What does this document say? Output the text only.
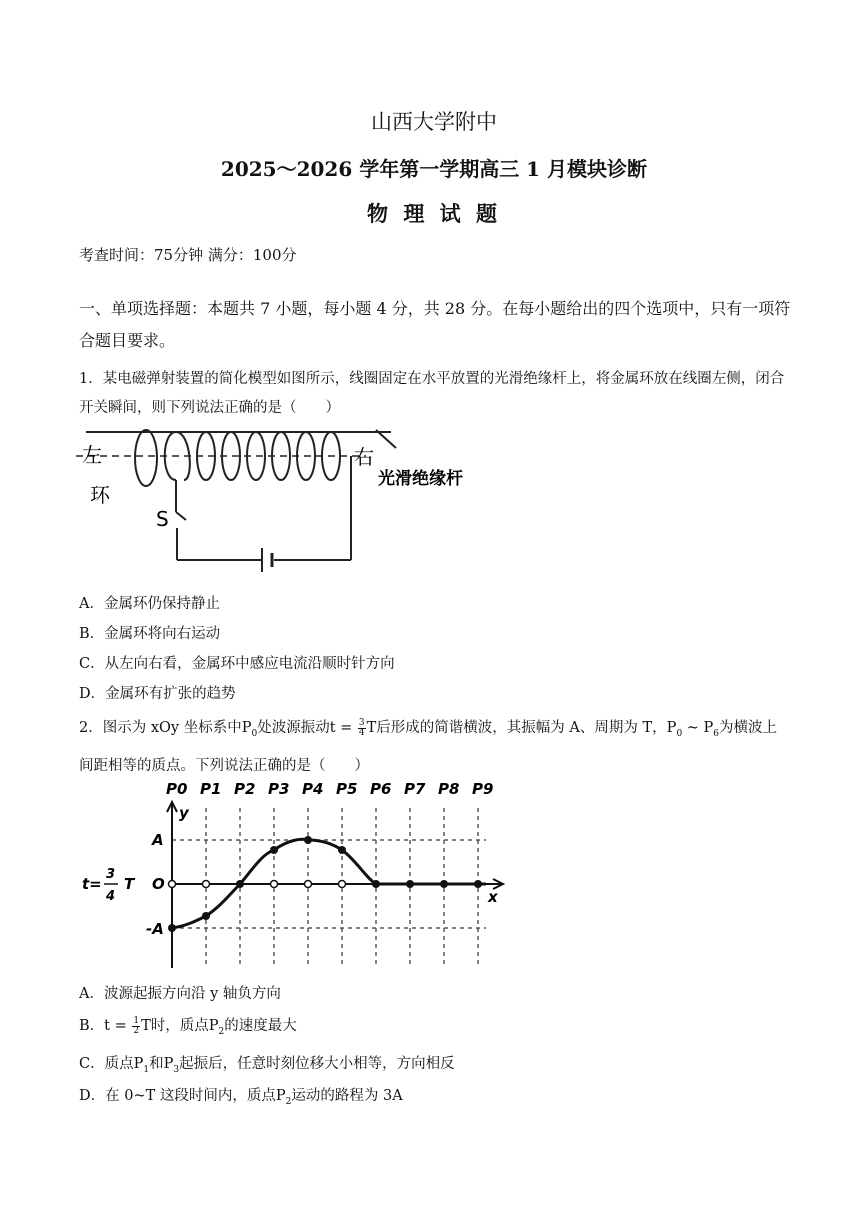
山西大学附中
2025～2026 学年第一学期高三 1 月模块诊断
物 理 试 题
考查时间：75分钟 满分：100分
一、单项选择题：本题共 7 小题，每小题 4 分，共 28 分。在每小题给出的四个选项中，只有一项符合题目要求。
1．某电磁弹射装置的简化模型如图所示，线圈固定在水平放置的光滑绝缘杆上，将金属环放在线圈左侧，闭合开关瞬间，则下列说法正确的是（　　）
左
环
S
右
光滑绝缘杆
A．金属环仍保持静止
B．金属环将向右运动
C．从左向右看，金属环中感应电流沿顺时针方向
D．金属环有扩张的趋势
2．图示为 xOy 坐标系中$P_0$处波源振动$t = \frac{3}{4}$ T后形成的简谐横波，其振幅为 A、周期为 T，$P_0$ ~ $P_6$为横波上间距相等的质点。下列说法正确的是（　　）
P0 P1 P2 P3 P4 P5 P6 P7 P8 P9
y
x
A
O
-A
t=
3
4
T
A．波源起振方向沿 y 轴负方向
B．$t = \frac{1}{2}$ T时，质点$P_2$的速度最大
C．质点$P_1$和$P_3$起振后，任意时刻位移大小相等，方向相反
D．在 0~T 这段时间内，质点$P_2$运动的路程为 3A
